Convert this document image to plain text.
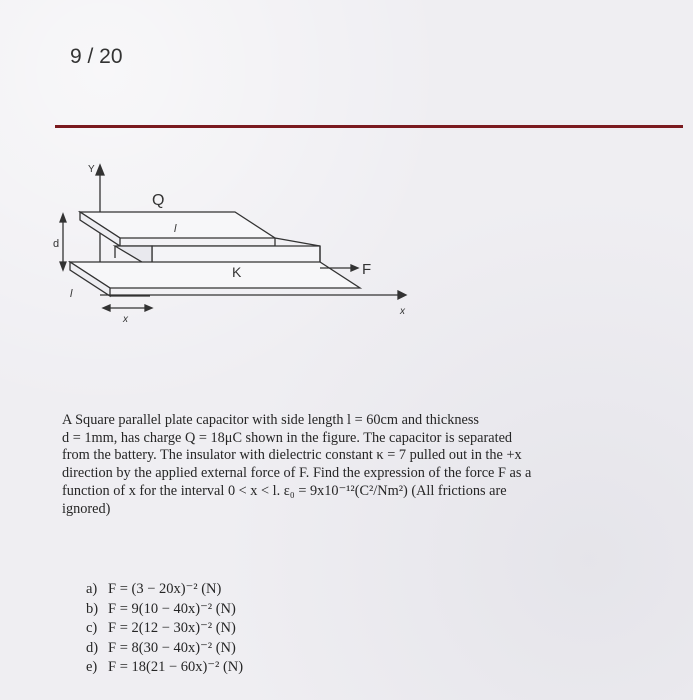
9 / 20
Y
Q
l
d
K	F
l
x
x
A Square parallel plate capacitor with side length l = 60cm and thickness
d = 1mm, has charge Q = 18μC shown in the figure. The capacitor is separated
from the battery. The insulator with dielectric constant κ = 7 pulled out in the +x
direction by the applied external force of F. Find the expression of the force F as a
function of x for the interval 0 < x < l. ε₀ = 9x10⁻¹²(C²/Nm²) (All frictions are
ignored)
a) F = (3 − 20x)⁻² (N)
b) F = 9(10 − 40x)⁻² (N)
c) F = 2(12 − 30x)⁻² (N)
d) F = 8(30 − 40x)⁻² (N)
e) F = 18(21 − 60x)⁻² (N)
